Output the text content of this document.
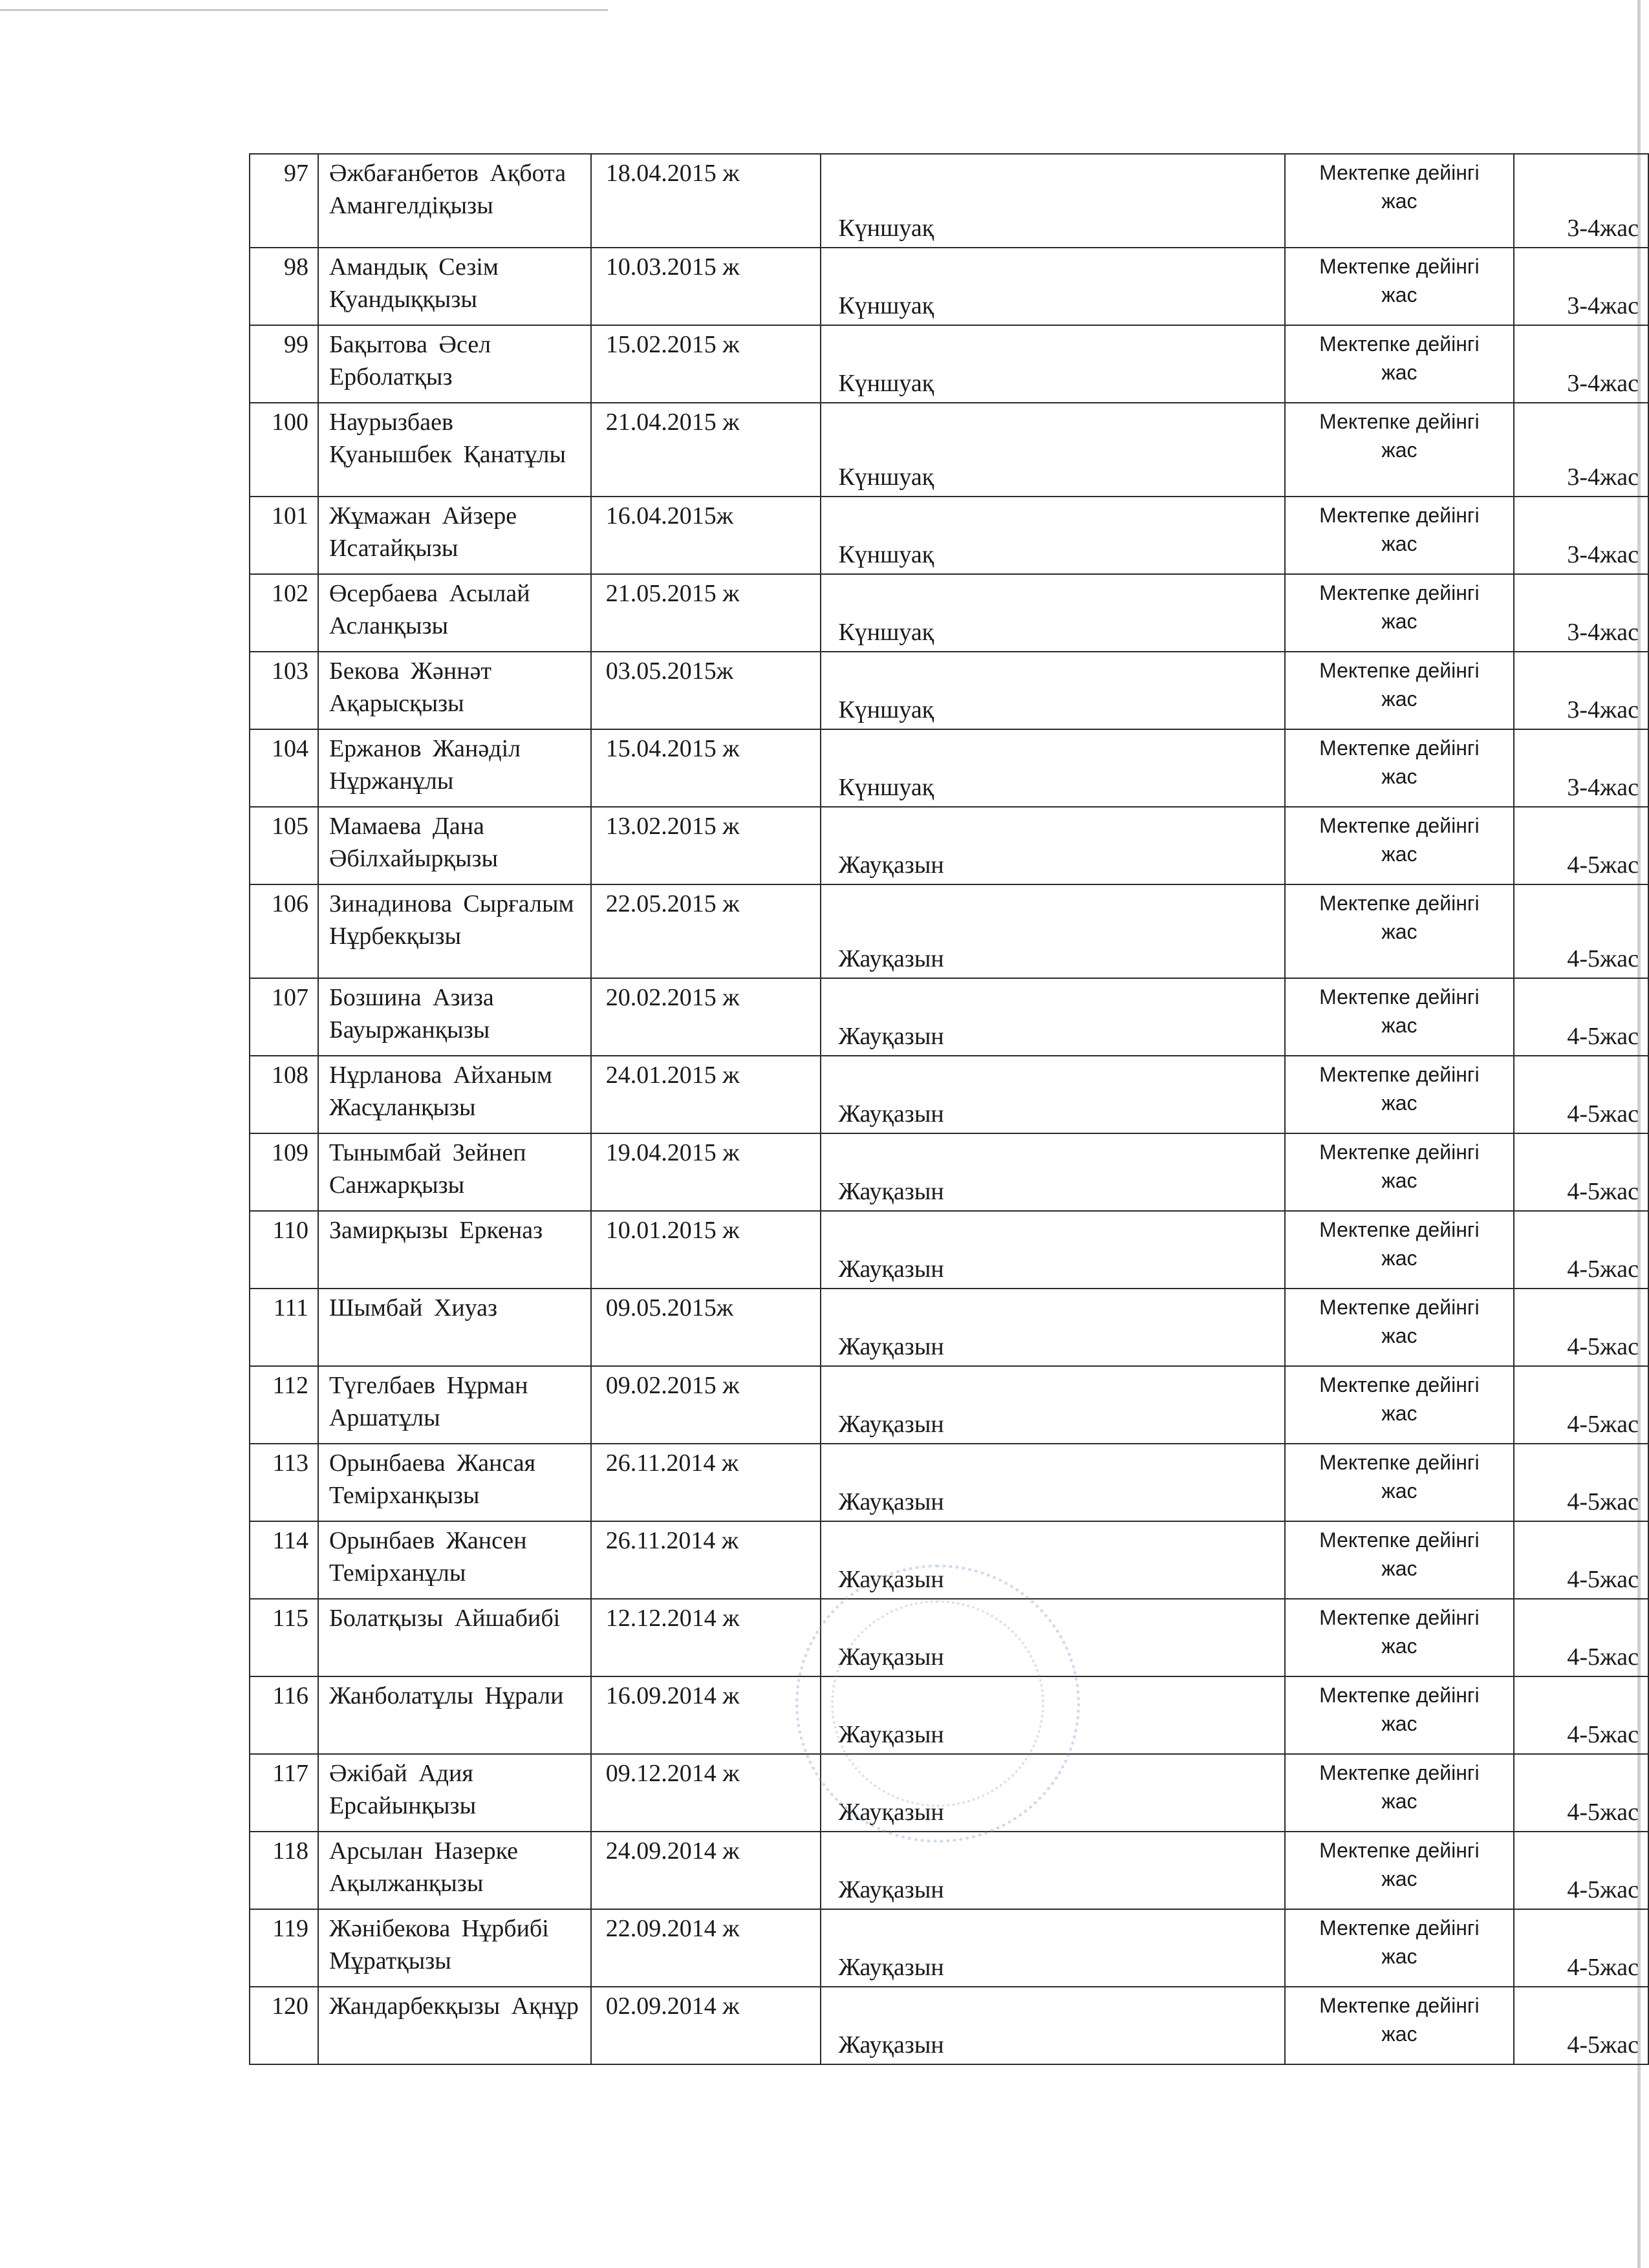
97	Әжбағанбетов Ақбота Амангелдіқызы	18.04.2015 ж	Күншуақ	Мектепке дейінгі жас	3-4жас

98	Амандық Сезім Қуандыққызы	10.03.2015 ж	Күншуақ	Мектепке дейінгі жас	3-4жас

99	Бақытова Әсел Ерболатқыз	15.02.2015 ж	Күншуақ	Мектепке дейінгі жас	3-4жас

100	Наурызбаев Қуанышбек Қанатұлы	21.04.2015 ж	Күншуақ	Мектепке дейінгі жас	3-4жас

101	Жұмажан Айзере Исатайқызы	16.04.2015ж	Күншуақ	Мектепке дейінгі жас	3-4жас

102	Өсербаева Асылай Асланқызы	21.05.2015 ж	Күншуақ	Мектепке дейінгі жас	3-4жас

103	Бекова Жәннәт Ақарысқызы	03.05.2015ж	Күншуақ	Мектепке дейінгі жас	3-4жас

104	Ержанов Жанәділ Нұржанұлы	15.04.2015 ж	Күншуақ	Мектепке дейінгі жас	3-4жас

105	Мамаева Дана Әбілхайырқызы	13.02.2015 ж	Жауқазын	Мектепке дейінгі жас	4-5жас

106	Зинадинова Сырғалым Нұрбекқызы	22.05.2015 ж	Жауқазын	Мектепке дейінгі жас	4-5жас

107	Бозшина Азиза Бауыржанқызы	20.02.2015 ж	Жауқазын	Мектепке дейінгі жас	4-5жас

108	Нұрланова Айханым Жасұланқызы	24.01.2015 ж	Жауқазын	Мектепке дейінгі жас	4-5жас

109	Тынымбай Зейнеп Санжарқызы	19.04.2015 ж	Жауқазын	Мектепке дейінгі жас	4-5жас

110	Замирқызы Еркеназ	10.01.2015 ж	Жауқазын	Мектепке дейінгі жас	4-5жас

111	Шымбай Хиуаз	09.05.2015ж	Жауқазын	Мектепке дейінгі жас	4-5жас

112	Түгелбаев Нұрман Аршатұлы	09.02.2015 ж	Жауқазын	Мектепке дейінгі жас	4-5жас

113	Орынбаева Жансая Темірханқызы	26.11.2014 ж	Жауқазын	Мектепке дейінгі жас	4-5жас

114	Орынбаев Жансен Темірханұлы	26.11.2014 ж	Жауқазын	Мектепке дейінгі жас	4-5жас

115	Болатқызы Айшабибі	12.12.2014 ж	Жауқазын	Мектепке дейінгі жас	4-5жас

116	Жанболатұлы Нұрали	16.09.2014 ж	Жауқазын	Мектепке дейінгі жас	4-5жас

117	Әжібай Адия Ерсайынқызы	09.12.2014 ж	Жауқазын	Мектепке дейінгі жас	4-5жас

118	Арсылан Назерке Ақылжанқызы	24.09.2014 ж	Жауқазын	Мектепке дейінгі жас	4-5жас

119	Жәнібекова Нұрбибі Мұратқызы	22.09.2014 ж	Жауқазын	Мектепке дейінгі жас	4-5жас

120	Жандарбекқызы Ақнұр	02.09.2014 ж	Жауқазын	Мектепке дейінгі жас	4-5жас
